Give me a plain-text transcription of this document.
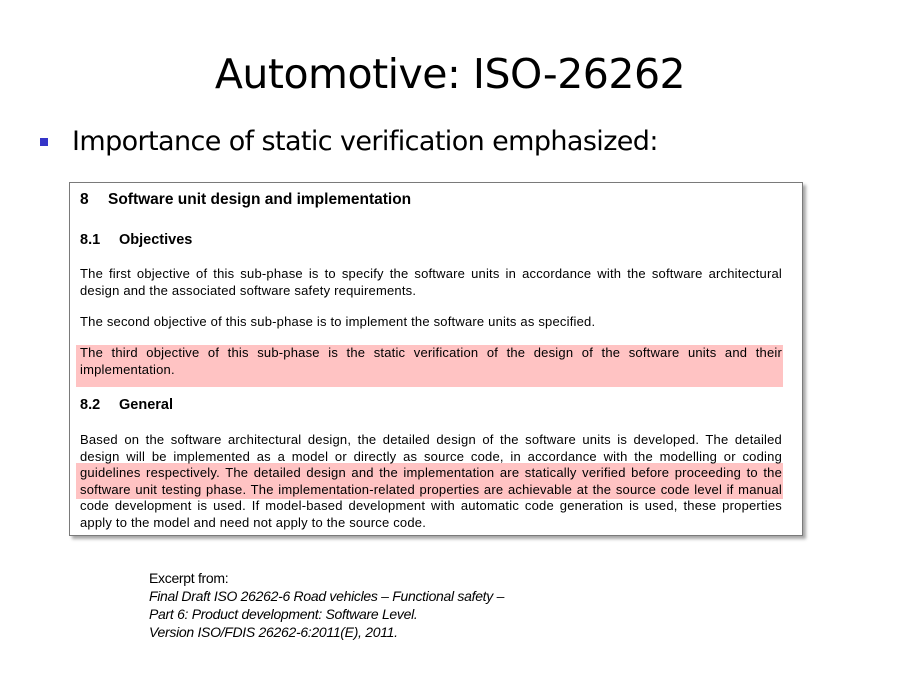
Automotive: ISO-26262
Importance of static verification emphasized:
8 Software unit design and implementation
8.1 Objectives
The first objective of this sub-phase is to specify the software units in accordance with the software architectural design and the associated software safety requirements.
The second objective of this sub-phase is to implement the software units as specified.
The third objective of this sub-phase is the static verification of the design of the software units and their implementation.
8.2 General
Based on the software architectural design, the detailed design of the software units is developed. The detailed design will be implemented as a model or directly as source code, in accordance with the modelling or coding guidelines respectively. The detailed design and the implementation are statically verified before proceeding to the software unit testing phase. The implementation-related properties are achievable at the source code level if manual code development is used. If model-based development with automatic code generation is used, these properties apply to the model and need not apply to the source code.
Excerpt from:
Final Draft ISO 26262-6 Road vehicles – Functional safety –
Part 6: Product development: Software Level.
Version ISO/FDIS 26262-6:2011(E), 2011.
